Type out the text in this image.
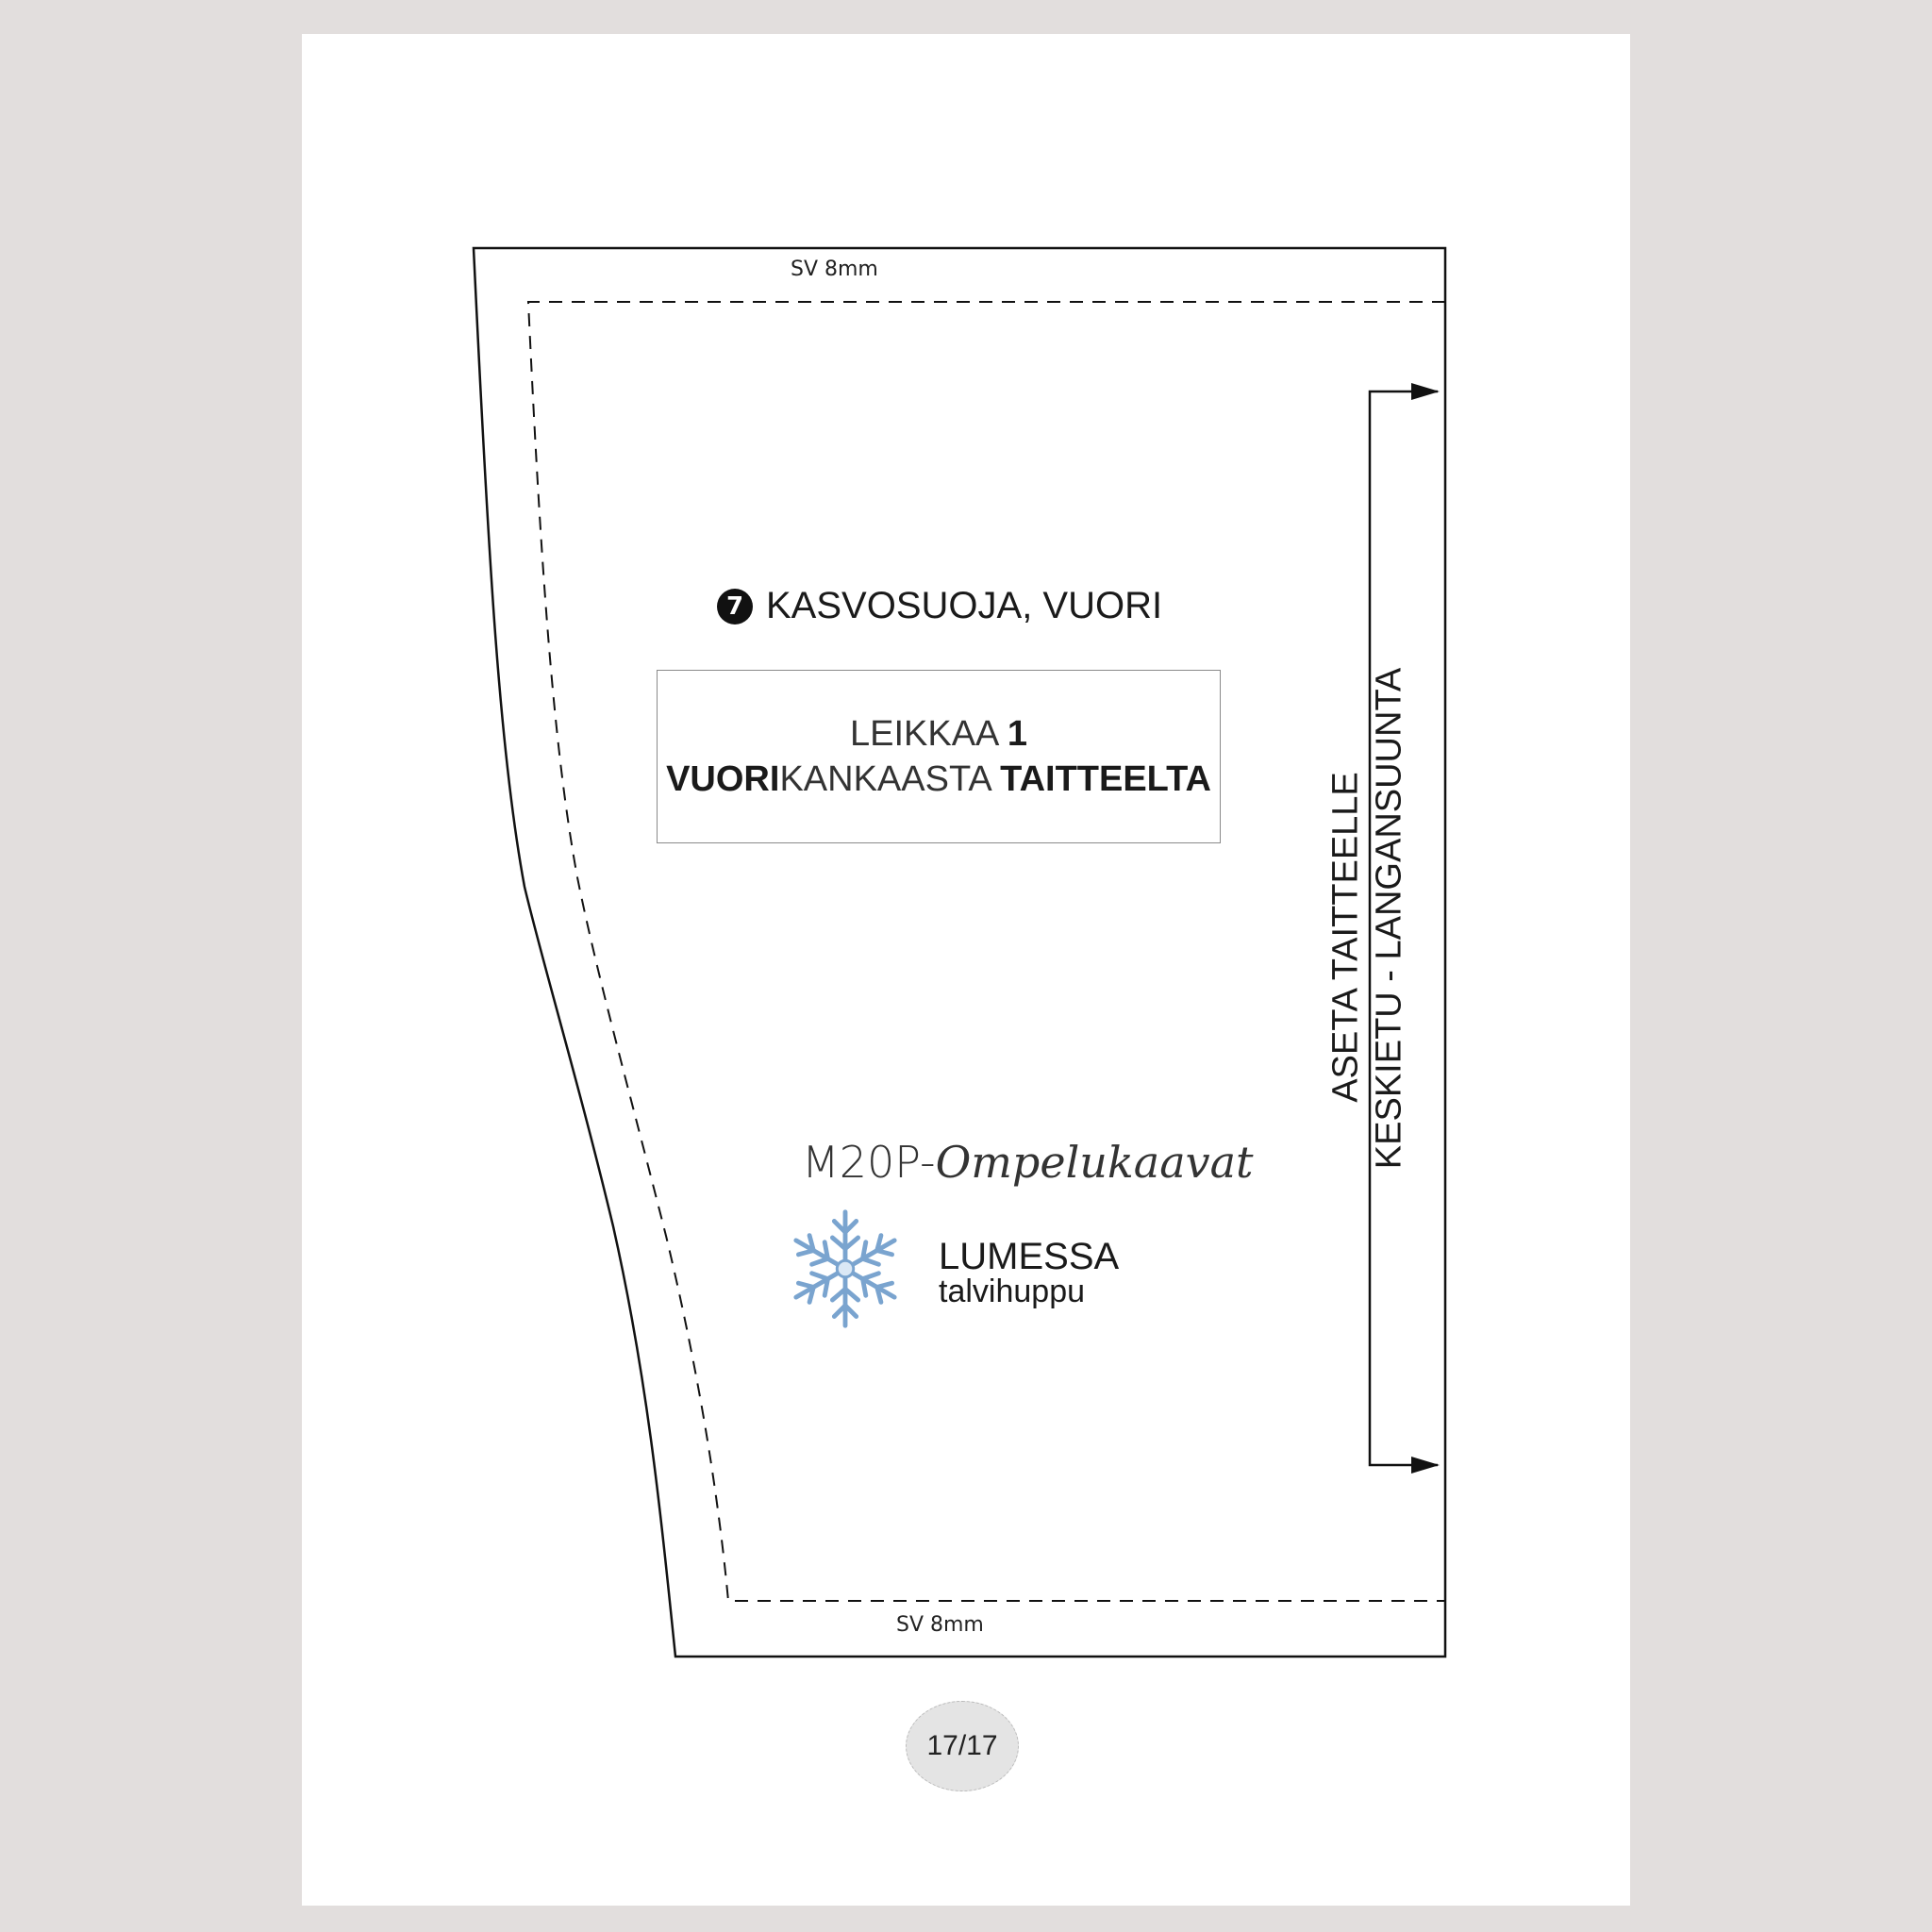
SV 8mm
7 KASVOSUOJA, VUORI
LEIKKAA 1
VUORIKANKAASTA TAITTEELTA	ASETA TAITTEELLE KESKIETU - LANGANSUUNTA
M20P-Ompelukaavat
LUMESSA
talvihuppu
SV 8mm
17/17
